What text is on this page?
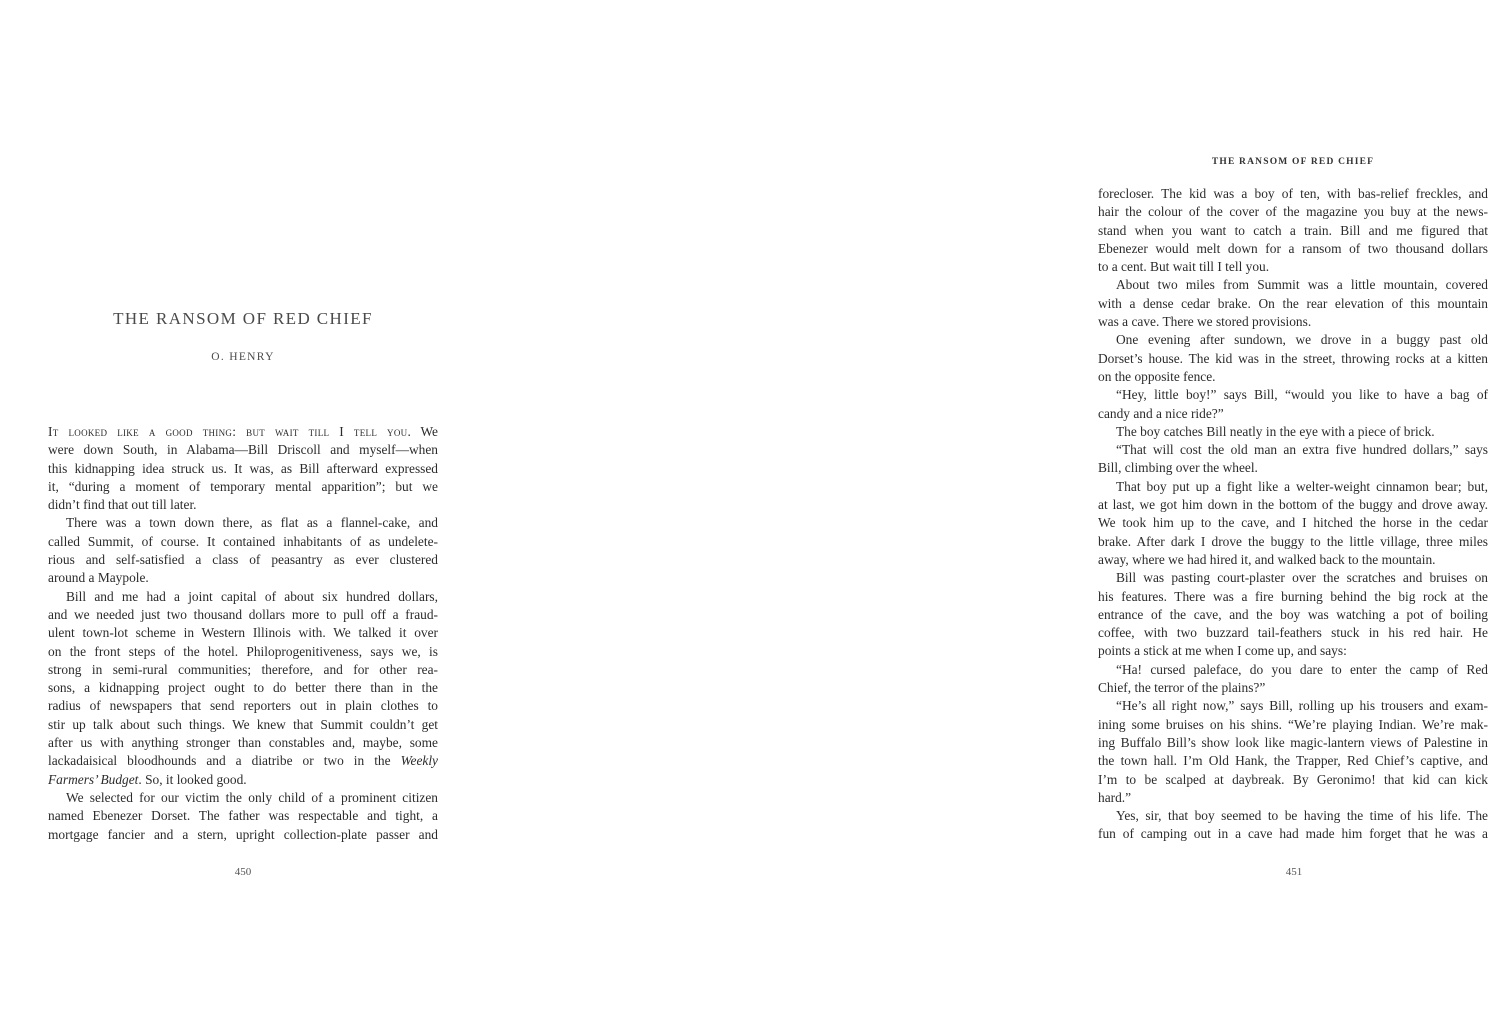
THE RANSOM OF RED CHIEF

O. HENRY

It looked like a good thing: but wait till I tell you. We
were down South, in Alabama—Bill Driscoll and myself—when
this kidnapping idea struck us. It was, as Bill afterward expressed
it, “during a moment of temporary mental apparition”; but we
didn’t find that out till later.
There was a town down there, as flat as a flannel-cake, and
called Summit, of course. It contained inhabitants of as undelete-
rious and self-satisfied a class of peasantry as ever clustered
around a Maypole.
Bill and me had a joint capital of about six hundred dollars,
and we needed just two thousand dollars more to pull off a fraud-
ulent town-lot scheme in Western Illinois with. We talked it over
on the front steps of the hotel. Philoprogenitiveness, says we, is
strong in semi-rural communities; therefore, and for other rea-
sons, a kidnapping project ought to do better there than in the
radius of newspapers that send reporters out in plain clothes to
stir up talk about such things. We knew that Summit couldn’t get
after us with anything stronger than constables and, maybe, some
lackadaisical bloodhounds and a diatribe or two in the Weekly
Farmers’ Budget. So, it looked good.
We selected for our victim the only child of a prominent citizen
named Ebenezer Dorset. The father was respectable and tight, a
mortgage fancier and a stern, upright collection-plate passer and

450

THE RANSOM OF RED CHIEF

forecloser. The kid was a boy of ten, with bas-relief freckles, and
hair the colour of the cover of the magazine you buy at the news-
stand when you want to catch a train. Bill and me figured that
Ebenezer would melt down for a ransom of two thousand dollars
to a cent. But wait till I tell you.
About two miles from Summit was a little mountain, covered
with a dense cedar brake. On the rear elevation of this mountain
was a cave. There we stored provisions.
One evening after sundown, we drove in a buggy past old
Dorset’s house. The kid was in the street, throwing rocks at a kitten
on the opposite fence.
“Hey, little boy!” says Bill, “would you like to have a bag of
candy and a nice ride?”
The boy catches Bill neatly in the eye with a piece of brick.
“That will cost the old man an extra five hundred dollars,” says
Bill, climbing over the wheel.
That boy put up a fight like a welter-weight cinnamon bear; but,
at last, we got him down in the bottom of the buggy and drove away.
We took him up to the cave, and I hitched the horse in the cedar
brake. After dark I drove the buggy to the little village, three miles
away, where we had hired it, and walked back to the mountain.
Bill was pasting court-plaster over the scratches and bruises on
his features. There was a fire burning behind the big rock at the
entrance of the cave, and the boy was watching a pot of boiling
coffee, with two buzzard tail-feathers stuck in his red hair. He
points a stick at me when I come up, and says:
“Ha! cursed paleface, do you dare to enter the camp of Red
Chief, the terror of the plains?”
“He’s all right now,” says Bill, rolling up his trousers and exam-
ining some bruises on his shins. “We’re playing Indian. We’re mak-
ing Buffalo Bill’s show look like magic-lantern views of Palestine in
the town hall. I’m Old Hank, the Trapper, Red Chief’s captive, and
I’m to be scalped at daybreak. By Geronimo! that kid can kick
hard.”
Yes, sir, that boy seemed to be having the time of his life. The
fun of camping out in a cave had made him forget that he was a

451
